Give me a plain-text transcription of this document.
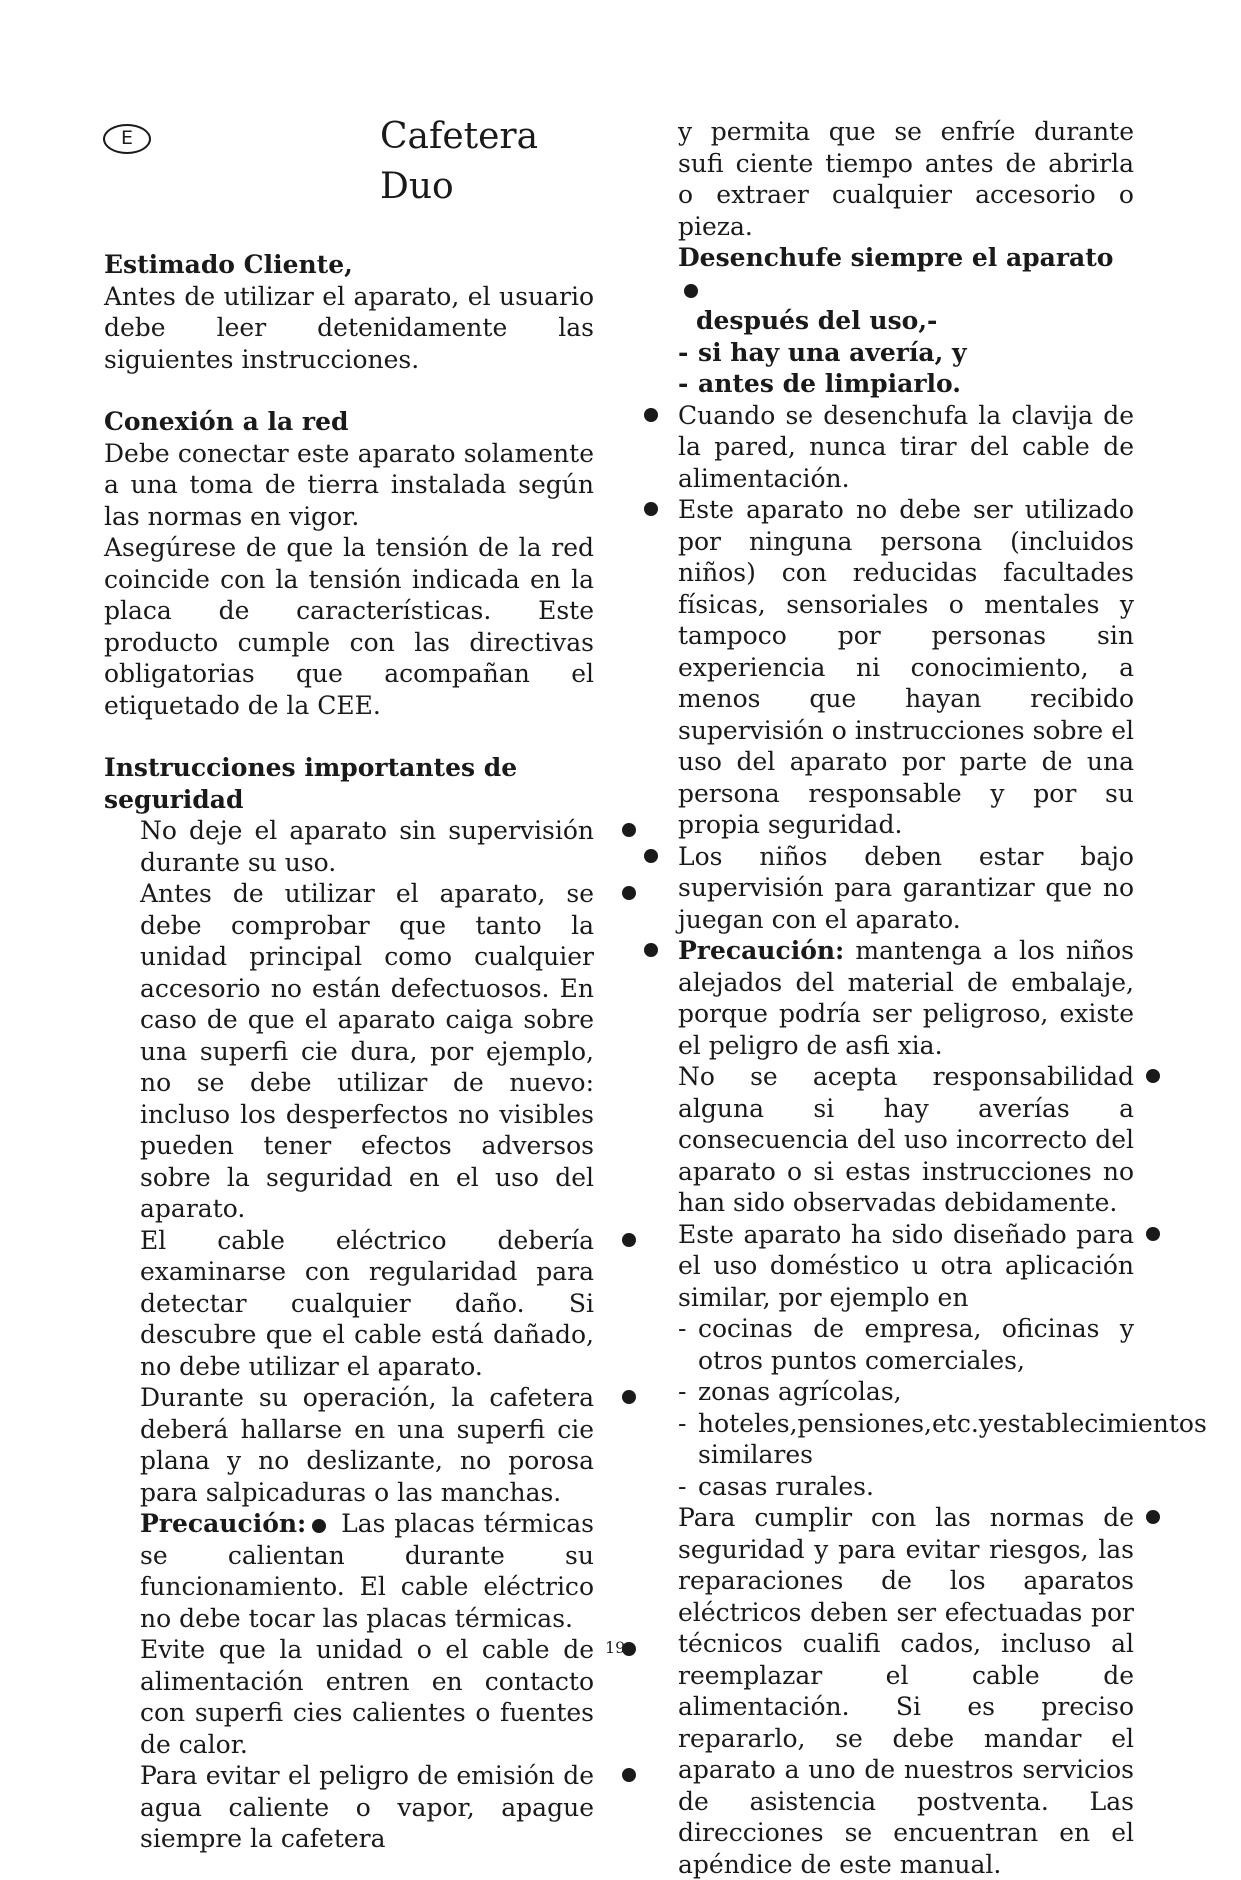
E	Cafetera Duo

Estimado Cliente,

Antes de utilizar el aparato, el usuario debe leer detenidamente las siguientes instrucciones.

Conexión a la red

Debe conectar este aparato solamente a una toma de tierra instalada según las normas en vigor.

Asegúrese de que la tensión de la red coincide con la tensión indicada en la placa de características. Este producto cumple con las directivas obligatorias que acompañan el etiquetado de la CEE.

Instrucciones importantes de seguridad

No deje el aparato sin supervisión durante su uso.
Antes de utilizar el aparato, se debe comprobar que tanto la unidad principal como cualquier accesorio no están defectuosos. En caso de que el aparato caiga sobre una superfi cie dura, por ejemplo, no se debe utilizar de nuevo: incluso los desperfectos no visibles pueden tener efectos adversos sobre la seguridad en el uso del aparato.
El cable eléctrico debería examinarse con regularidad para detectar cualquier daño. Si descubre que el cable está dañado, no debe utilizar el aparato.
Durante su operación, la cafetera deberá hallarse en una superfi cie plana y no deslizante, no porosa para salpicaduras o las manchas.
Precaución: Las placas térmicas se calientan durante su funcionamiento. El cable eléctrico no debe tocar las placas térmicas.
Evite que la unidad o el cable de alimentación entren en contacto con superfi cies calientes o fuentes de calor.
Para evitar el peligro de emisión de agua caliente o vapor, apague siempre la cafetera

y permita que se enfríe durante sufi ciente tiempo antes de abrirla o extraer cualquier accesorio o pieza.

Desenchufe siempre el aparato

después del uso,-
- si hay una avería, y
- antes de limpiarlo.
Cuando se desenchufa la clavija de la pared, nunca tirar del cable de alimentación.
Este aparato no debe ser utilizado por ninguna persona (incluidos niños) con reducidas facultades físicas, sensoriales o mentales y tampoco por personas sin experiencia ni conocimiento, a menos que hayan recibido supervisión o instrucciones sobre el uso del aparato por parte de una persona responsable y por su propia seguridad.
Los niños deben estar bajo supervisión para garantizar que no juegan con el aparato.
Precaución: mantenga a los niños alejados del material de embalaje, porque podría ser peligroso, existe el peligro de asfi xia.
No se acepta responsabilidad alguna si hay averías a consecuencia del uso incorrecto del aparato o si estas instrucciones no han sido observadas debidamente.
Este aparato ha sido diseñado para el uso doméstico u otra aplicación similar, por ejemplo en
- cocinas de empresa, oficinas y otros puntos comerciales,
- zonas agrícolas,
- hoteles,pensiones,etc.yestablecimientos similares
- casas rurales.
Para cumplir con las normas de seguridad y para evitar riesgos, las reparaciones de los aparatos eléctricos deben ser efectuadas por técnicos cualifi cados, incluso al reemplazar el cable de alimentación. Si es preciso repararlo, se debe mandar el aparato a uno de nuestros servicios de asistencia postventa. Las direcciones se encuentran en el apéndice de este manual.
19
